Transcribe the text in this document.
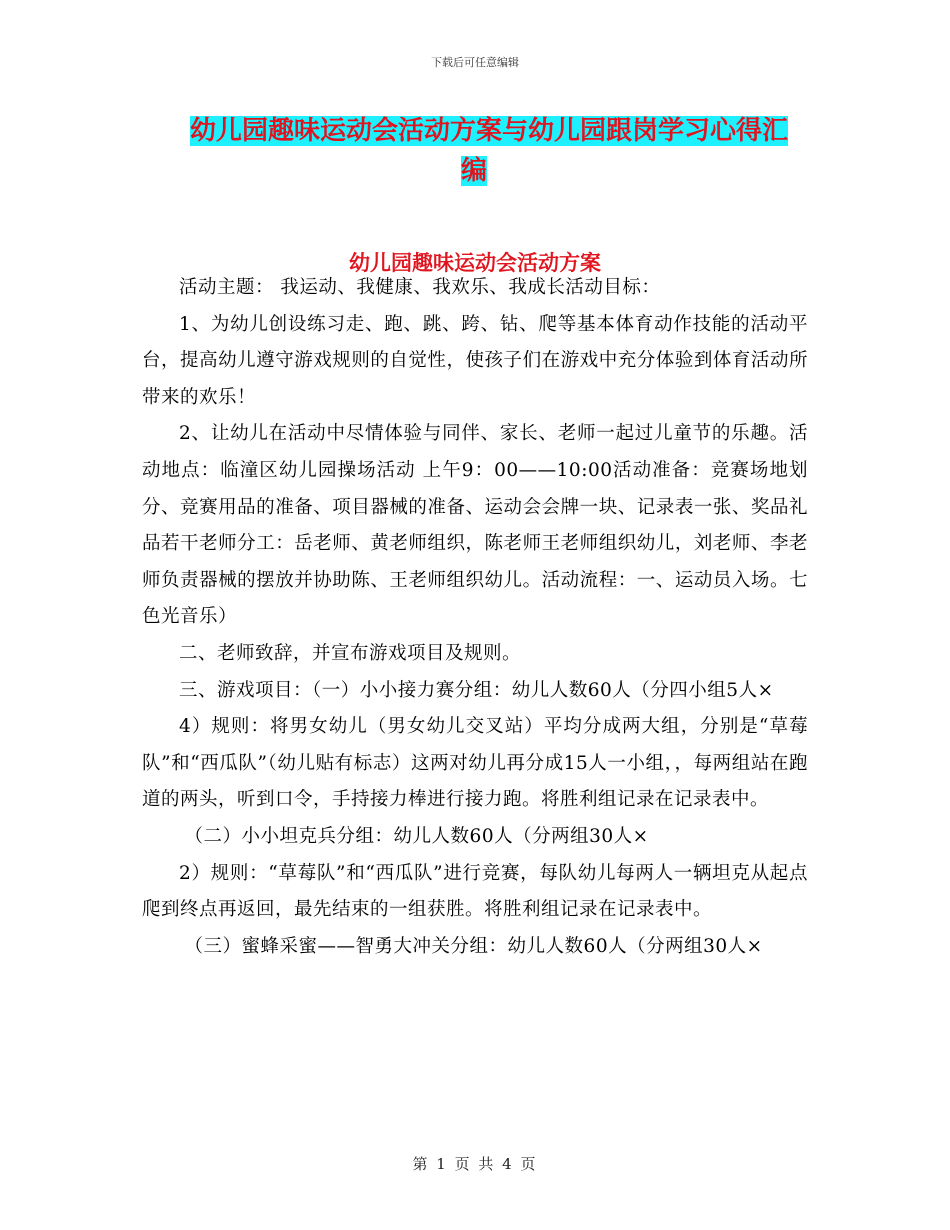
下载后可任意编辑
幼儿园趣味运动会活动方案与幼儿园跟岗学习心得汇
编
幼儿园趣味运动会活动方案

活动主题： 我运动、我健康、我欢乐、我成长活动目标：

1、为幼儿创设练习走、跑、跳、跨、钻、爬等基本体育动作技能的活动平台，提高幼儿遵守游戏规则的自觉性，使孩子们在游戏中充分体验到体育活动所带来的欢乐！

2、让幼儿在活动中尽情体验与同伴、家长、老师一起过儿童节的乐趣。活动地点：临潼区幼儿园操场活动 上午9：00——10:00活动准备：竞赛场地划分、竞赛用品的准备、项目器械的准备、运动会会牌一块、记录表一张、奖品礼品若干老师分工：岳老师、黄老师组织，陈老师王老师组织幼儿，刘老师、李老师负责器械的摆放并协助陈、王老师组织幼儿。活动流程：一、运动员入场。七色光音乐）

二、老师致辞，并宣布游戏项目及规则。

三、游戏项目：（一）小小接力赛分组：幼儿人数60人（分四小组5人×

4）规则：将男女幼儿（男女幼儿交叉站）平均分成两大组，分别是“草莓队”和“西瓜队”（幼儿贴有标志）这两对幼儿再分成15人一小组，，每两组站在跑道的两头，听到口令，手持接力棒进行接力跑。将胜利组记录在记录表中。

（二）小小坦克兵分组：幼儿人数60人（分两组30人×

2）规则：“草莓队”和“西瓜队”进行竞赛，每队幼儿每两人一辆坦克从起点爬到终点再返回，最先结束的一组获胜。将胜利组记录在记录表中。

（三）蜜蜂采蜜——智勇大冲关分组：幼儿人数60人（分两组30人×

第 1 页 共 4 页
